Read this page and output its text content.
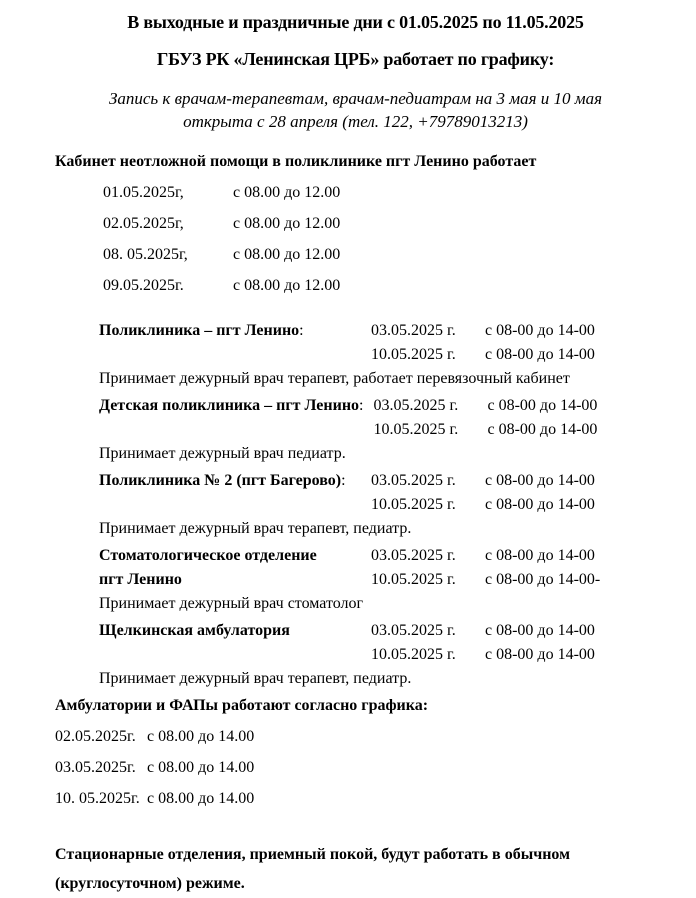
В выходные и праздничные дни с 01.05.2025 по 11.05.2025
ГБУЗ РК «Ленинская ЦРБ» работает по графику:
Запись к врачам-терапевтам, врачам-педиатрам на 3 мая и 10 мая открыта с 28 апреля (тел. 122, +79789013213)
Кабинет неотложной помощи в поликлинике пгт Ленино работает
01.05.2025г,	с 08.00 до 12.00
02.05.2025г,	с 08.00 до 12.00
08. 05.2025г,	с 08.00 до 12.00
09.05.2025г.	с 08.00 до 12.00
Поликлиника – пгт Ленино:	03.05.2025 г. с 08-00 до 14-00
10.05.2025 г. с 08-00 до 14-00
Принимает дежурный врач терапевт, работает перевязочный кабинет
Детская поликлиника – пгт Ленино: 03.05.2025 г. с 08-00 до 14-00
10.05.2025 г. с 08-00 до 14-00
Принимает дежурный врач педиатр.
Поликлиника № 2 (пгт Багерово):	03.05.2025 г. с 08-00 до 14-00
10.05.2025 г. с 08-00 до 14-00
Принимает дежурный врач терапевт, педиатр.
Стоматологическое отделение
пгт Ленино
03.05.2025 г. с 08-00 до 14-00
10.05.2025 г. с 08-00 до 14-00-
Принимает дежурный врач стоматолог
Щелкинская амбулатория	03.05.2025 г. с 08-00 до 14-00
10.05.2025 г. с 08-00 до 14-00
Принимает дежурный врач терапевт, педиатр.
Амбулатории и ФАПы работают согласно графика:
02.05.2025г. с 08.00 до 14.00
03.05.2025г. с 08.00 до 14.00
10. 05.2025г. с 08.00 до 14.00
Стационарные отделения, приемный покой, будут работать в обычном (круглосуточном) режиме.
